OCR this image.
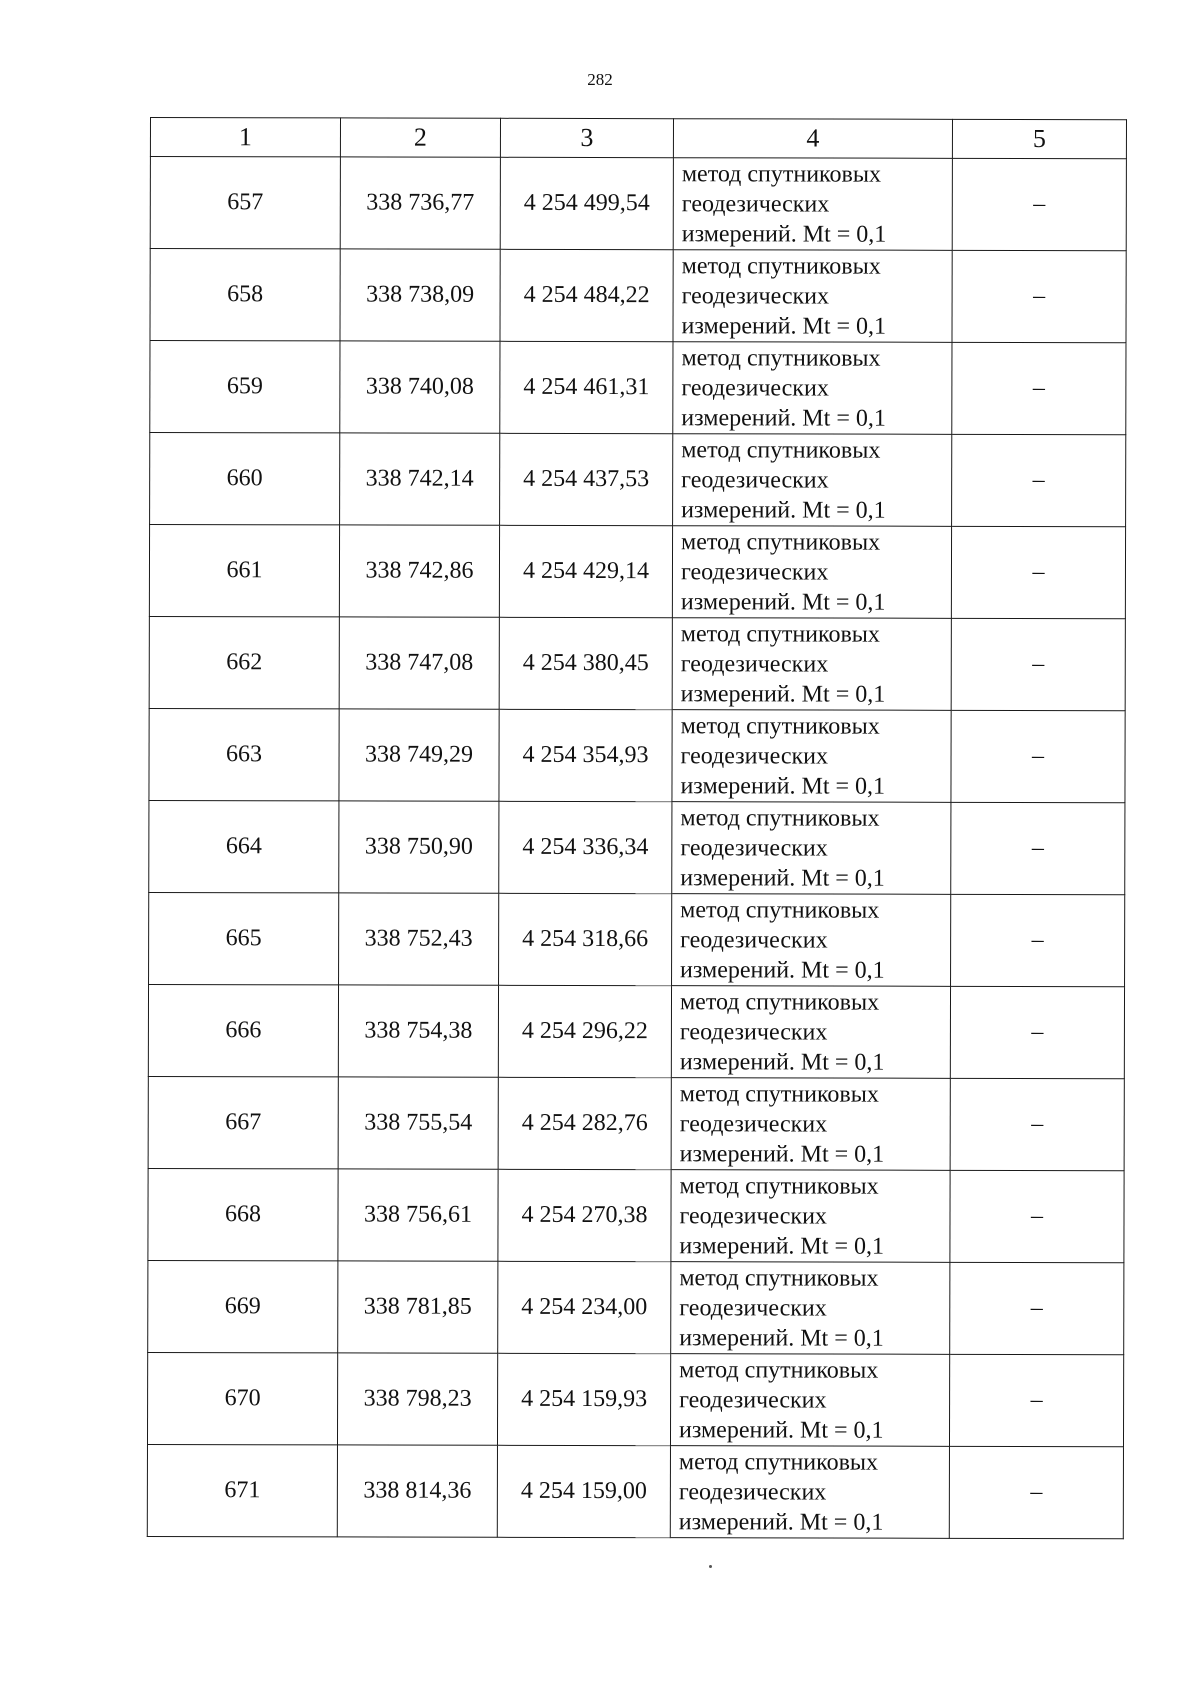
282
1	2	3	4	5
657	338 736,77	4 254 499,54	метод спутниковых
геодезических
измерений. Mt = 0,1	–
658	338 738,09	4 254 484,22	метод спутниковых
геодезических
измерений. Mt = 0,1	–
659	338 740,08	4 254 461,31	метод спутниковых
геодезических
измерений. Mt = 0,1	–
660	338 742,14	4 254 437,53	метод спутниковых
геодезических
измерений. Mt = 0,1	–
661	338 742,86	4 254 429,14	метод спутниковых
геодезических
измерений. Mt = 0,1	–
662	338 747,08	4 254 380,45	метод спутниковых
геодезических
измерений. Mt = 0,1	–
663	338 749,29	4 254 354,93	метод спутниковых
геодезических
измерений. Mt = 0,1	–
664	338 750,90	4 254 336,34	метод спутниковых
геодезических
измерений. Mt = 0,1	–
665	338 752,43	4 254 318,66	метод спутниковых
геодезических
измерений. Mt = 0,1	–
666	338 754,38	4 254 296,22	метод спутниковых
геодезических
измерений. Mt = 0,1	–
667	338 755,54	4 254 282,76	метод спутниковых
геодезических
измерений. Mt = 0,1	–
668	338 756,61	4 254 270,38	метод спутниковых
геодезических
измерений. Mt = 0,1	–
669	338 781,85	4 254 234,00	метод спутниковых
геодезических
измерений. Mt = 0,1	–
670	338 798,23	4 254 159,93	метод спутниковых
геодезических
измерений. Mt = 0,1	–
671	338 814,36	4 254 159,00	метод спутниковых
геодезических
измерений. Mt = 0,1	–
